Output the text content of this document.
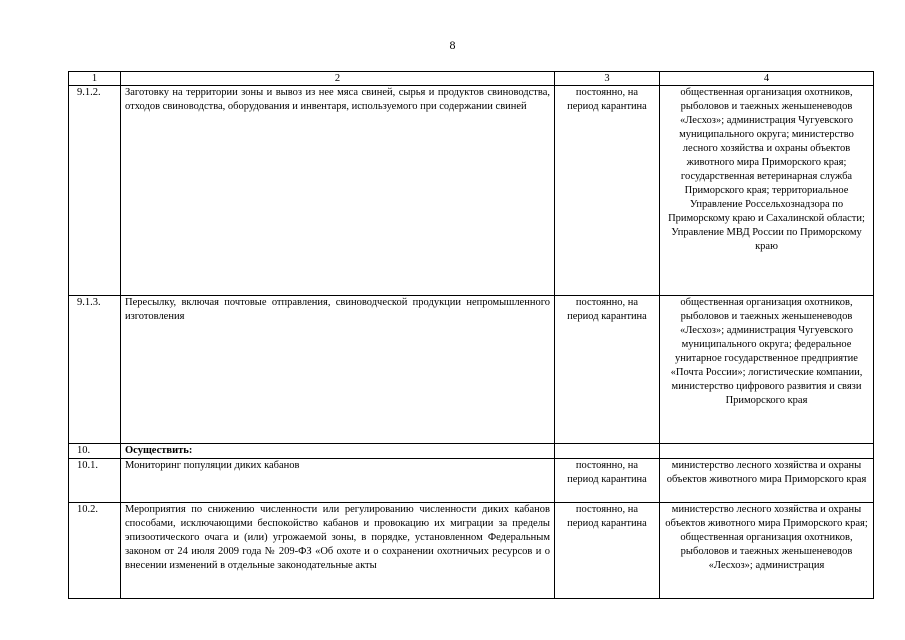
8
1	2	3	4
9.1.2.	Заготовку на территории зоны и вывоз из нее мяса свиней, сырья и продуктов свиноводства, отходов свиноводства, оборудования и инвентаря, используемого при содержании свиней	постоянно, на период карантина	общественная организация охотников, рыболовов и таежных женьшеневодов «Лесхоз»; администрация Чугуевского муниципального округа; министерство лесного хозяйства и охраны объектов животного мира Приморского края; государственная ветеринарная служба Приморского края; территориальное Управление Россельхознадзора по Приморскому краю и Сахалинской области; Управление МВД России по Приморскому краю
9.1.3.	Пересылку, включая почтовые отправления, свиноводческой продукции непромышленного изготовления	постоянно, на период карантина	общественная организация охотников, рыболовов и таежных женьшеневодов «Лесхоз»; администрация Чугуевского муниципального округа; федеральное унитарное государственное предприятие «Почта России»; логистические компании, министерство цифрового развития и связи Приморского края
10.	Осуществить:		
10.1.	Мониторинг популяции диких кабанов	постоянно, на период карантина	министерство лесного хозяйства и охраны объектов животного мира Приморского края
10.2.	Мероприятия по снижению численности или регулированию численности диких кабанов способами, исключающими беспокойство кабанов и провокацию их миграции за пределы эпизоотического очага и (или) угрожаемой зоны, в порядке, установленном Федеральным законом от 24 июля 2009 года № 209-ФЗ «Об охоте и о сохранении охотничьих ресурсов и о внесении изменений в отдельные законодательные акты	постоянно, на период карантина	министерство лесного хозяйства и охраны объектов животного мира Приморского края; общественная организация охотников, рыболовов и таежных женьшеневодов «Лесхоз»; администрация
